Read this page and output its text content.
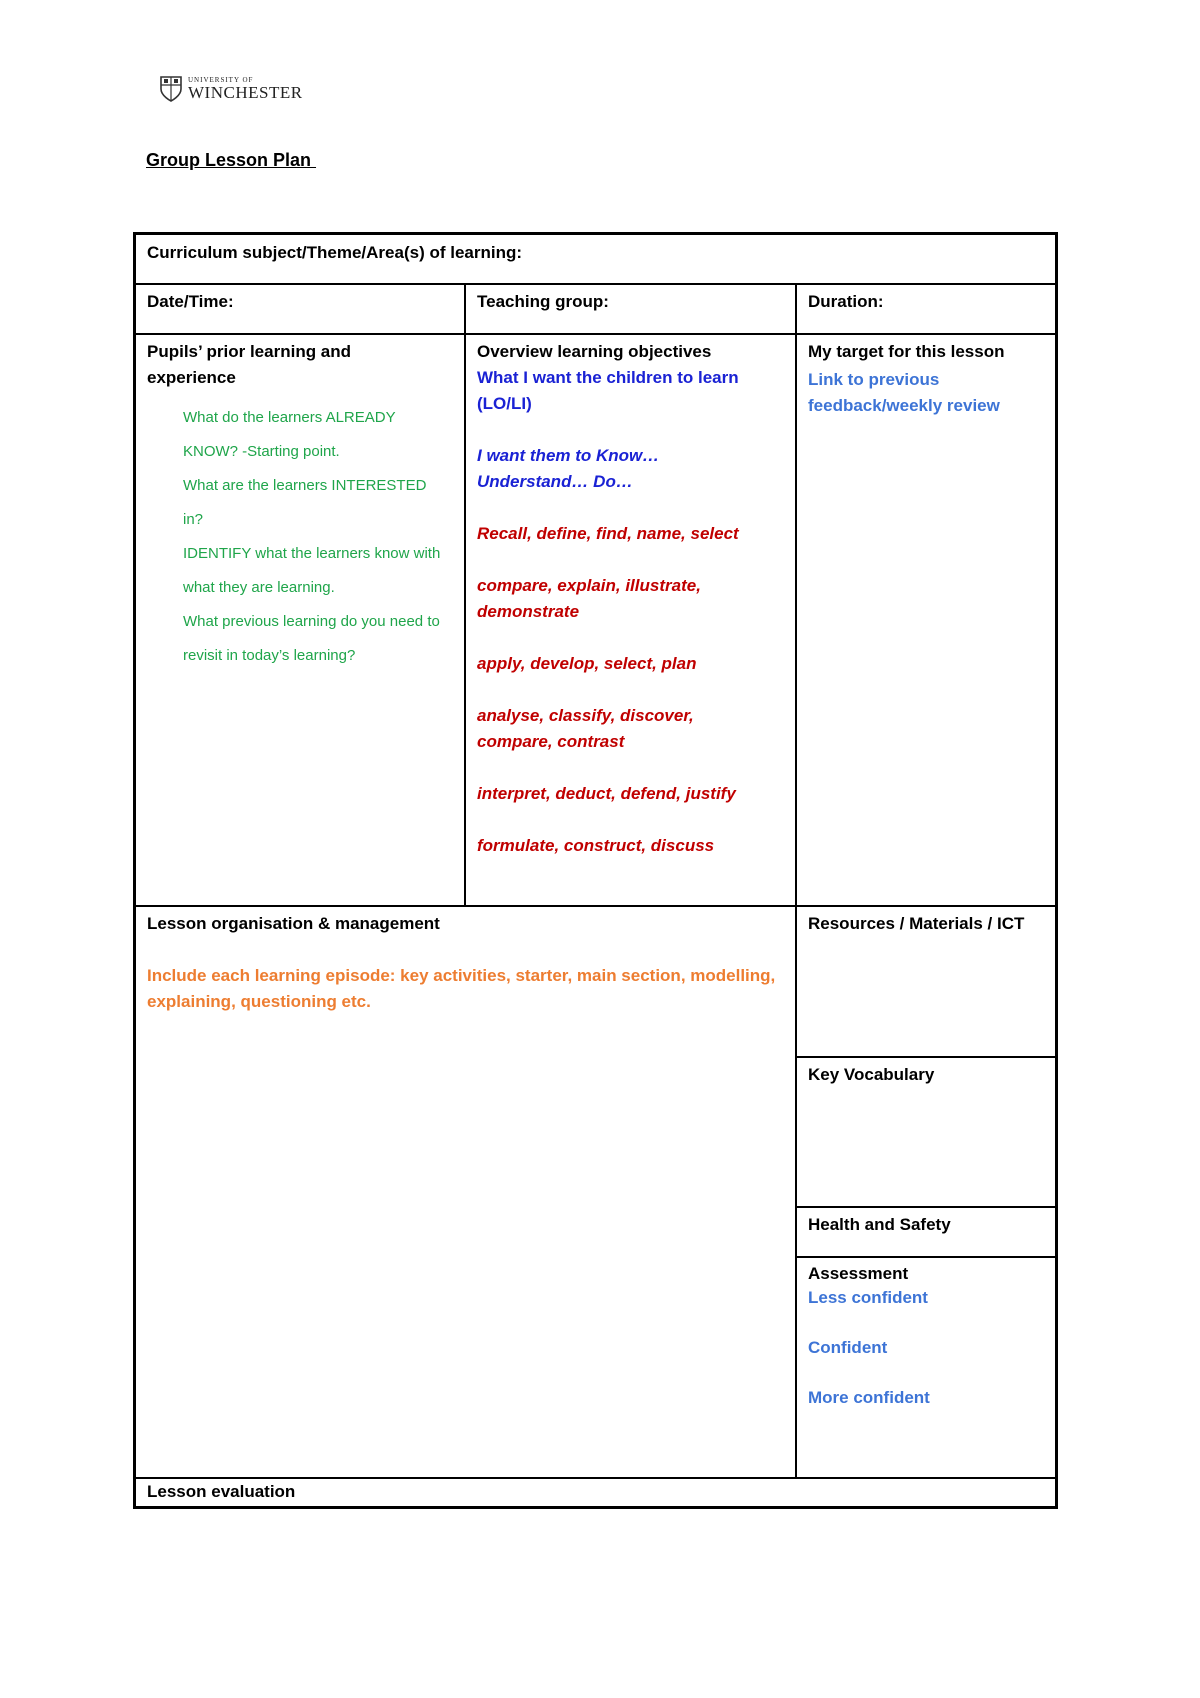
UNIVERSITY OF
WINCHESTER
Group Lesson Plan
Curriculum subject/Theme/Area(s) of learning:
Date/Time:	Teaching group:	Duration:
Pupils’ prior learning and experience
What do the learners ALREADY KNOW? -Starting point.
What are the learners INTERESTED in?
IDENTIFY what the learners know with what they are learning.
What previous learning do you need to revisit in today’s learning?
Overview learning objectives
What I want the children to learn (LO/LI)
I want them to Know… Understand… Do…
Recall, define, find, name, select
compare, explain, illustrate, demonstrate
apply, develop, select, plan
analyse, classify, discover, compare, contrast
interpret, deduct, defend, justify
formulate, construct, discuss
My target for this lesson
Link to previous feedback/weekly review
Lesson organisation & management
Include each learning episode: key activities, starter, main section, modelling, explaining, questioning etc.
Resources / Materials / ICT
Key Vocabulary
Health and Safety
Assessment
Less confident
Confident
More confident
Lesson evaluation
